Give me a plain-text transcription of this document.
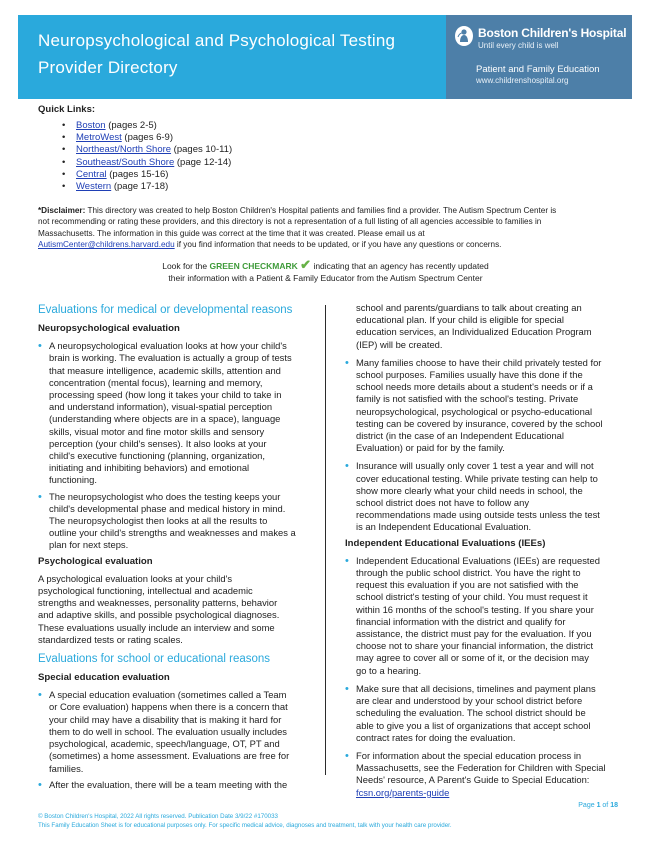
Neuropsychological and Psychological Testing
Provider Directory
Boston Children's Hospital
Until every child is well
Patient and Family Education
www.childrenshospital.org
Quick Links:
• Boston (pages 2-5)
• MetroWest (pages 6-9)
• Northeast/North Shore (pages 10-11)
• Southeast/South Shore (page 12-14)
• Central (pages 15-16)
• Western (page 17-18)
*Disclaimer: This directory was created to help Boston Children's Hospital patients and families find a provider. The Autism Spectrum Center is
not recommending or rating these providers, and this directory is not a representation of a full listing of all agencies accessible to families in
Massachusetts. The information in this guide was correct at the time that it was created. Please email us at
AutismCenter@childrens.harvard.edu if you find information that needs to be updated, or if you have any questions or concerns.
Look for the GREEN CHECKMARK ✔ indicating that an agency has recently updated
their information with a Patient & Family Educator from the Autism Spectrum Center
Evaluations for medical or developmental reasons
Neuropsychological evaluation
• A neuropsychological evaluation looks at how your child's
brain is working. The evaluation is actually a group of tests
that measure intelligence, academic skills, attention and
concentration (mental focus), learning and memory,
processing speed (how long it takes your child to take in
and understand information), visual-spatial perception
(understanding where objects are in a space), language
skills, visual motor and fine motor skills and sensory
perception (your child's senses). It also looks at your
child's executive functioning (planning, organization,
initiating and inhibiting behaviors) and emotional
functioning.
• The neuropsychologist who does the testing keeps your
child's developmental phase and medical history in mind.
The neuropsychologist then looks at all the results to
outline your child's strengths and weaknesses and makes a
plan for next steps.
Psychological evaluation
A psychological evaluation looks at your child's
psychological functioning, intellectual and academic
strengths and weaknesses, personality patterns, behavior
and adaptive skills, and possible psychological diagnoses.
These evaluations usually include an interview and some
standardized tests or rating scales.
Evaluations for school or educational reasons
Special education evaluation
• A special education evaluation (sometimes called a Team
or Core evaluation) happens when there is a concern that
your child may have a disability that is making it hard for
them to do well in school. The evaluation usually includes
psychological, academic, speech/language, OT, PT and
(sometimes) a home assessment. Evaluations are free for
families.
• After the evaluation, there will be a team meeting with the
school and parents/guardians to talk about creating an
educational plan. If your child is eligible for special
education services, an Individualized Education Program
(IEP) will be created.
• Many families choose to have their child privately tested for
school purposes. Families usually have this done if the
school needs more details about a student's needs or if a
family is not satisfied with the school's testing. Private
neuropsychological, psychological or psycho-educational
testing can be covered by insurance, covered by the school
district (in the case of an Independent Educational
Evaluation) or paid for by the family.
• Insurance will usually only cover 1 test a year and will not
cover educational testing. While private testing can help to
show more clearly what your child needs in school, the
school district does not have to follow any
recommendations made using outside tests unless the test
is an Independent Educational Evaluation.
Independent Educational Evaluations (IEEs)
• Independent Educational Evaluations (IEEs) are requested
through the public school district. You have the right to
request this evaluation if you are not satisfied with the
school district's testing of your child. You must request it
within 16 months of the school's testing. If you share your
financial information with the district and qualify for
assistance, the district must pay for the evaluation. If you
choose not to share your financial information, the district
may agree to cover all or some of it, or the decision may
go to a hearing.
• Make sure that all decisions, timelines and payment plans
are clear and understood by your school district before
scheduling the evaluation. The school district should be
able to give you a list of organizations that accept school
contract rates for doing the evaluation.
• For information about the special education process in
Massachusetts, see the Federation for Children with Special
Needs' resource, A Parent's Guide to Special Education:
fcsn.org/parents-guide
Page 1 of 18
© Boston Children's Hospital, 2022 All rights reserved. Publication Date 3/9/22 #170033
This Family Education Sheet is for educational purposes only. For specific medical advice, diagnoses and treatment, talk with your health care provider.
